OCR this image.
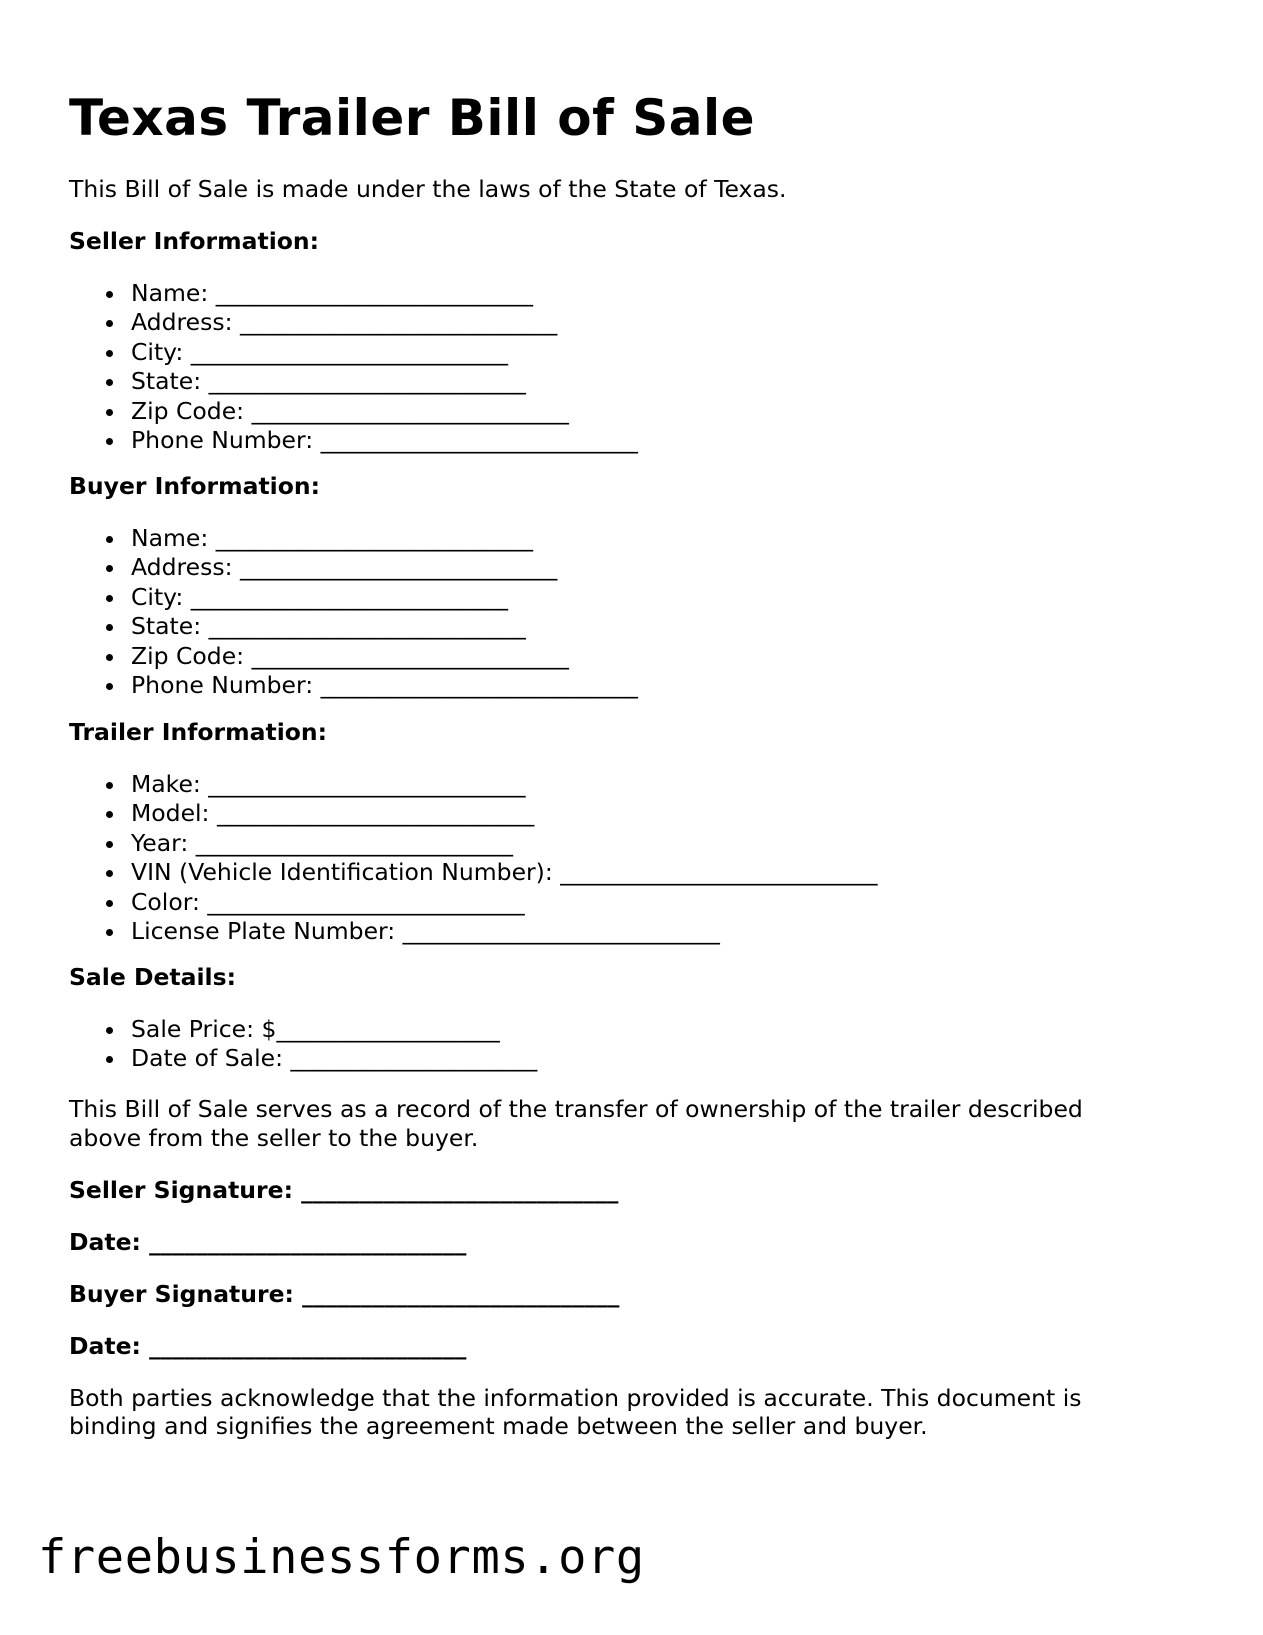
Texas Trailer Bill of Sale

This Bill of Sale is made under the laws of the State of Texas.

Seller Information:

Name: ___________________________
Address: ___________________________
City: ___________________________
State: ___________________________
Zip Code: ___________________________
Phone Number: ___________________________

Buyer Information:

Name: ___________________________
Address: ___________________________
City: ___________________________
State: ___________________________
Zip Code: ___________________________
Phone Number: ___________________________

Trailer Information:

Make: ___________________________
Model: ___________________________
Year: ___________________________
VIN (Vehicle Identification Number): ___________________________
Color: ___________________________
License Plate Number: ___________________________

Sale Details:

Sale Price: $___________________
Date of Sale: _____________________

This Bill of Sale serves as a record of the transfer of ownership of the trailer described

above from the seller to the buyer.

Seller Signature: ___________________________

Date: ___________________________

Buyer Signature: ___________________________

Date: ___________________________

Both parties acknowledge that the information provided is accurate. This document is

binding and signifies the agreement made between the seller and buyer.

freebusinessforms.org
